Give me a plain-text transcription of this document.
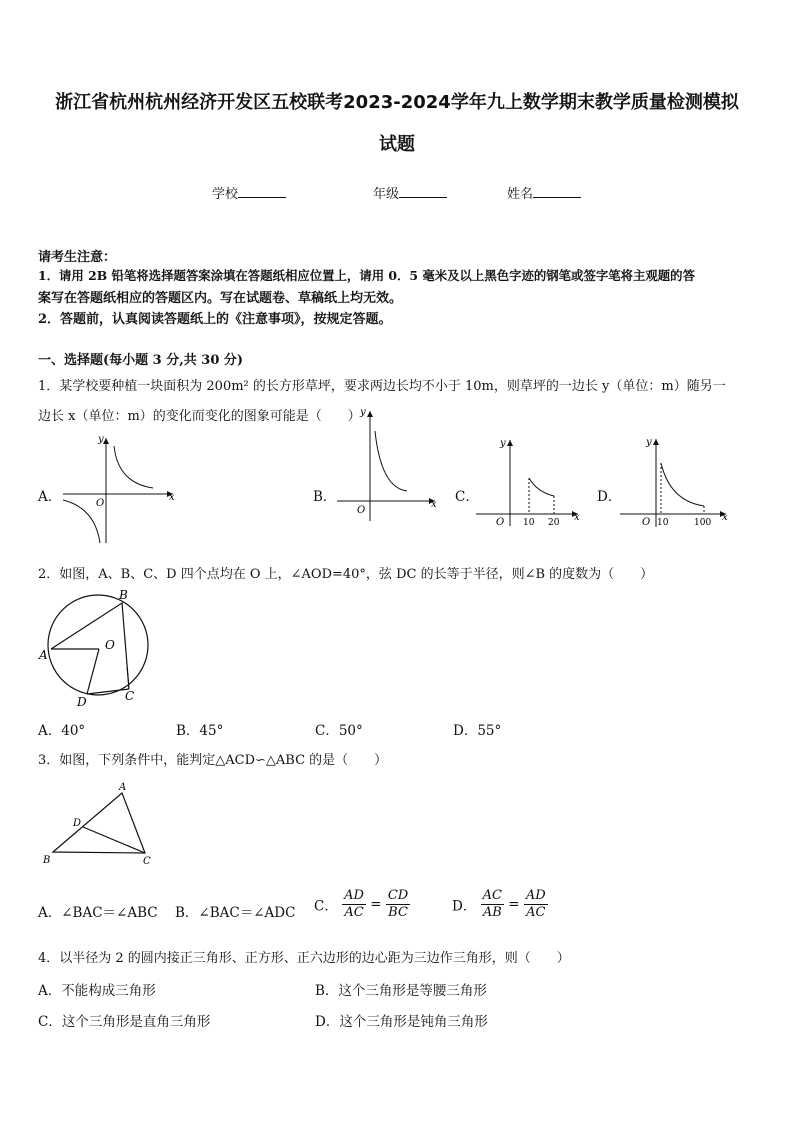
浙江省杭州杭州经济开发区五校联考2023-2024学年九上数学期末教学质量检测模拟
试题
学校	年级	姓名
请考生注意：
1．请用 2B 铅笔将选择题答案涂填在答题纸相应位置上，请用 0．5 毫米及以上黑色字迹的钢笔或签字笔将主观题的答
案写在答题纸相应的答题区内。写在试题卷、草稿纸上均无效。
2．答题前，认真阅读答题纸上的《注意事项》，按规定答题。
一、选择题(每小题 3 分,共 30 分)
1．某学校要种植一块面积为 200m² 的长方形草坪，要求两边长均不小于 10m，则草坪的一边长 y（单位：m）随另一
边长 x（单位：m）的变化而变化的图象可能是（　　）
A．	B．	C．	D．
y
x
O
y
x
O
y
x
O 10 20
y
x
O 10	100
2．如图，A、B、C、D 四个点均在 O 上，∠AOD=40°，弦 DC 的长等于半径，则∠B 的度数为（　　）
A
B
C
D
O
A．40°	B．45°	C．50°	D．55°
3．如图，下列条件中，能判定△ACD∽△ABC 的是（　　）
A
B	C
D
A．∠BAC＝∠ABC B．∠BAC＝∠ADC C． $\frac{AD}{AC} = \frac{CD}{BC}$	D． $\frac{AC}{AB} = \frac{AD}{AC}$
4．以半径为 2 的圆内接正三角形、正方形、正六边形的边心距为三边作三角形，则（　　）
A．不能构成三角形	B．这个三角形是等腰三角形
C．这个三角形是直角三角形	D．这个三角形是钝角三角形
